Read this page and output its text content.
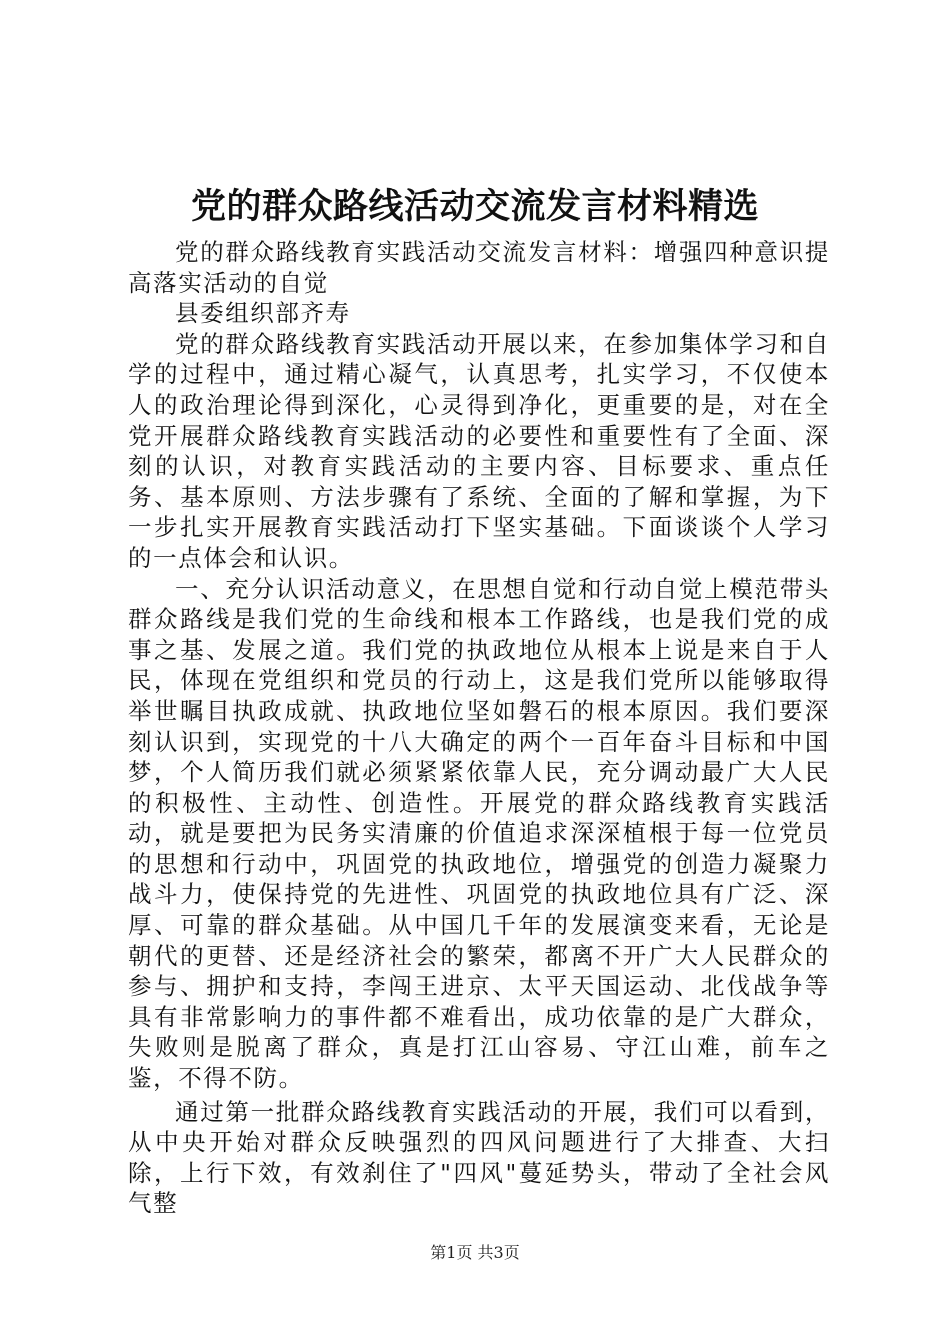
党的群众路线活动交流发言材料精选

党的群众路线教育实践活动交流发言材料：增强四种意识提高落实活动的自觉

县委组织部齐寿

党的群众路线教育实践活动开展以来，在参加集体学习和自学的过程中，通过精心凝气，认真思考，扎实学习，不仅使本人的政治理论得到深化，心灵得到净化，更重要的是，对在全党开展群众路线教育实践活动的必要性和重要性有了全面、深刻的认识，对教育实践活动的主要内容、目标要求、重点任务、基本原则、方法步骤有了系统、全面的了解和掌握，为下一步扎实开展教育实践活动打下坚实基础。下面谈谈个人学习的一点体会和认识。

一、充分认识活动意义，在思想自觉和行动自觉上模范带头群众路线是我们党的生命线和根本工作路线，也是我们党的成事之基、发展之道。我们党的执政地位从根本上说是来自于人民，体现在党组织和党员的行动上，这是我们党所以能够取得举世瞩目执政成就、执政地位坚如磐石的根本原因。我们要深刻认识到，实现党的十八大确定的两个一百年奋斗目标和中国梦，个人简历我们就必须紧紧依靠人民，充分调动最广大人民的积极性、主动性、创造性。开展党的群众路线教育实践活动，就是要把为民务实清廉的价值追求深深植根于每一位党员的思想和行动中，巩固党的执政地位，增强党的创造力凝聚力战斗力，使保持党的先进性、巩固党的执政地位具有广泛、深厚、可靠的群众基础。从中国几千年的发展演变来看，无论是朝代的更替、还是经济社会的繁荣，都离不开广大人民群众的参与、拥护和支持，李闯王进京、太平天国运动、北伐战争等具有非常影响力的事件都不难看出，成功依靠的是广大群众，失败则是脱离了群众，真是打江山容易、守江山难，前车之鉴，不得不防。

通过第一批群众路线教育实践活动的开展，我们可以看到，从中央开始对群众反映强烈的四风问题进行了大排查、大扫除，上行下效，有效刹住了"四风"蔓延势头，带动了全社会风气整

第1页 共3页
